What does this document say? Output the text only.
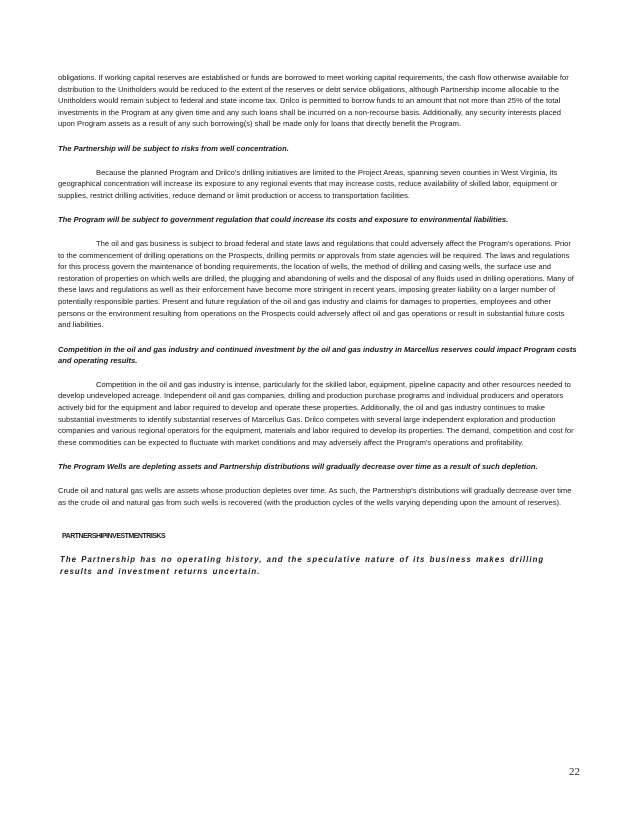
obligations. If working capital reserves are established or funds are borrowed to meet working capital requirements, the cash flow otherwise available for distribution to the Unitholders would be reduced to the extent of the reserves or debt service obligations, although Partnership income allocable to the Unitholders would remain subject to federal and state income tax. Drilco is permitted to borrow funds to an amount that not more than 25% of the total investments in the Program at any given time and any such loans shall be incurred on a non-recourse basis. Additionally, any security interests placed upon Program assets as a result of any such borrowing(s) shall be made only for loans that directly benefit the Program.

The Partnership will be subject to risks from well concentration.

Because the planned Program and Drilco's drilling initiatives are limited to the Project Areas, spanning seven counties in West Virginia, its geographical concentration will increase its exposure to any regional events that may increase costs, reduce availability of skilled labor, equipment or supplies, restrict drilling activities, reduce demand or limit production or access to transportation facilities.

The Program will be subject to government regulation that could increase its costs and exposure to environmental liabilities.

The oil and gas business is subject to broad federal and state laws and regulations that could adversely affect the Program's operations. Prior to the commencement of drilling operations on the Prospects, drilling permits or approvals from state agencies will be required. The laws and regulations for this process govern the maintenance of bonding requirements, the location of wells, the method of drilling and casing wells, the surface use and restoration of properties on which wells are drilled, the plugging and abandoning of wells and the disposal of any fluids used in drilling operations. Many of these laws and regulations as well as their enforcement have become more stringent in recent years, imposing greater liability on a larger number of potentially responsible parties. Present and future regulation of the oil and gas industry and claims for damages to properties, employees and other persons or the environment resulting from operations on the Prospects could adversely affect oil and gas operations or result in substantial future costs and liabilities.

Competition in the oil and gas industry and continued investment by the oil and gas industry in Marcellus reserves could impact Program costs and operating results.

Competition in the oil and gas industry is intense, particularly for the skilled labor, equipment, pipeline capacity and other resources needed to develop undeveloped acreage. Independent oil and gas companies, drilling and production purchase programs and individual producers and operators actively bid for the equipment and labor required to develop and operate these properties. Additionally, the oil and gas industry continues to make substantial investments to identify substantial reserves of Marcellus Gas. Drilco competes with several large independent exploration and production companies and various regional operators for the equipment, materials and labor required to develop its properties. The demand, competition and cost for these commodities can be expected to fluctuate with market conditions and may adversely affect the Program's operations and profitability.

The Program Wells are depleting assets and Partnership distributions will gradually decrease over time as a result of such depletion.

Crude oil and natural gas wells are assets whose production depletes over time. As such, the Partnership's distributions will gradually decrease over time as the crude oil and natural gas from such wells is recovered (with the production cycles of the wells varying depending upon the amount of reserves).

PARTNERSHIPINVESTMENTRISKS

The Partnership has no operating history, and the speculative nature of its business makes drilling results and investment returns uncertain.

22
